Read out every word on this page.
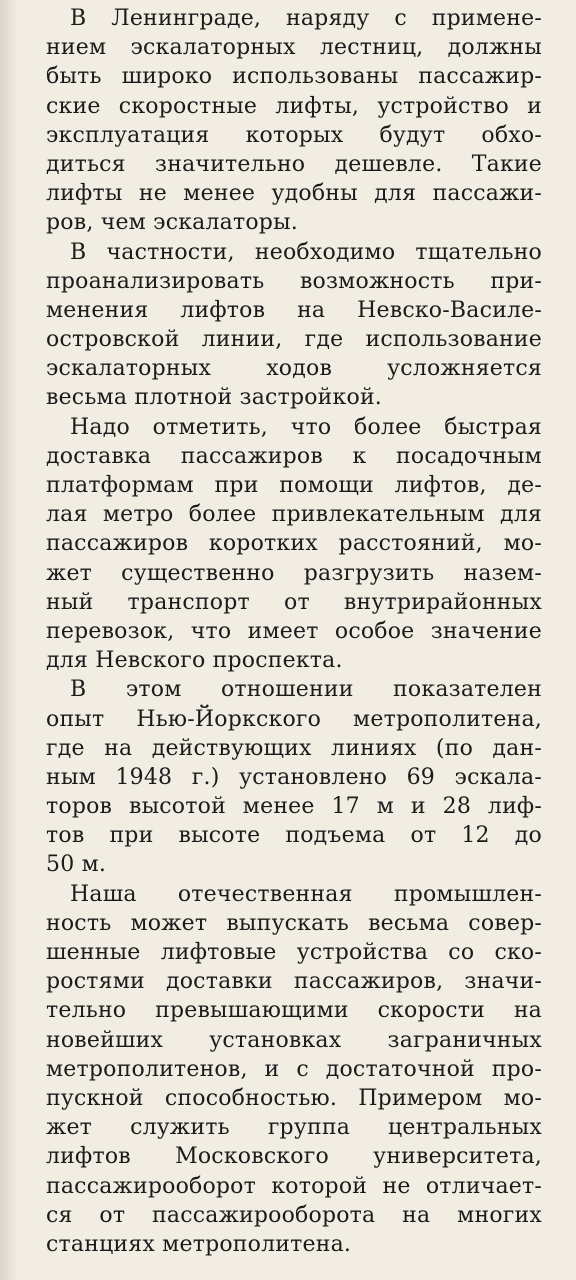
В Ленинграде, наряду с примене-
нием эскалаторных лестниц, должны
быть широко использованы пассажир-
ские скоростные лифты, устройство и
эксплуатация которых будут обхо-
диться значительно дешевле. Такие
лифты не менее удобны для пассажи-
ров, чем эскалаторы.
В частности, необходимо тщательно
проанализировать возможность при-
менения лифтов на Невско-Василе-
островской линии, где использование
эскалаторных ходов усложняется
весьма плотной застройкой.
Надо отметить, что более быстрая
доставка пассажиров к посадочным
платформам при помощи лифтов, де-
лая метро более привлекательным для
пассажиров коротких расстояний, мо-
жет существенно разгрузить назем-
ный транспорт от внутрирайонных
перевозок, что имеет особое значение
для Невского проспекта.
В этом отношении показателен
опыт Нью-Йоркского метрополитена,
где на действующих линиях (по дан-
ным 1948 г.) установлено 69 эскала-
торов высотой менее 17 м и 28 лиф-
тов при высоте подъема от 12 до
50 м.
Наша отечественная промышлен-
ность может выпускать весьма совер-
шенные лифтовые устройства со ско-
ростями доставки пассажиров, значи-
тельно превышающими скорости на
новейших установках заграничных
метрополитенов, и с достаточной про-
пускной способностью. Примером мо-
жет служить группа центральных
лифтов Московского университета,
пассажирооборот которой не отличает-
ся от пассажирооборота на многих
станциях метрополитена.
